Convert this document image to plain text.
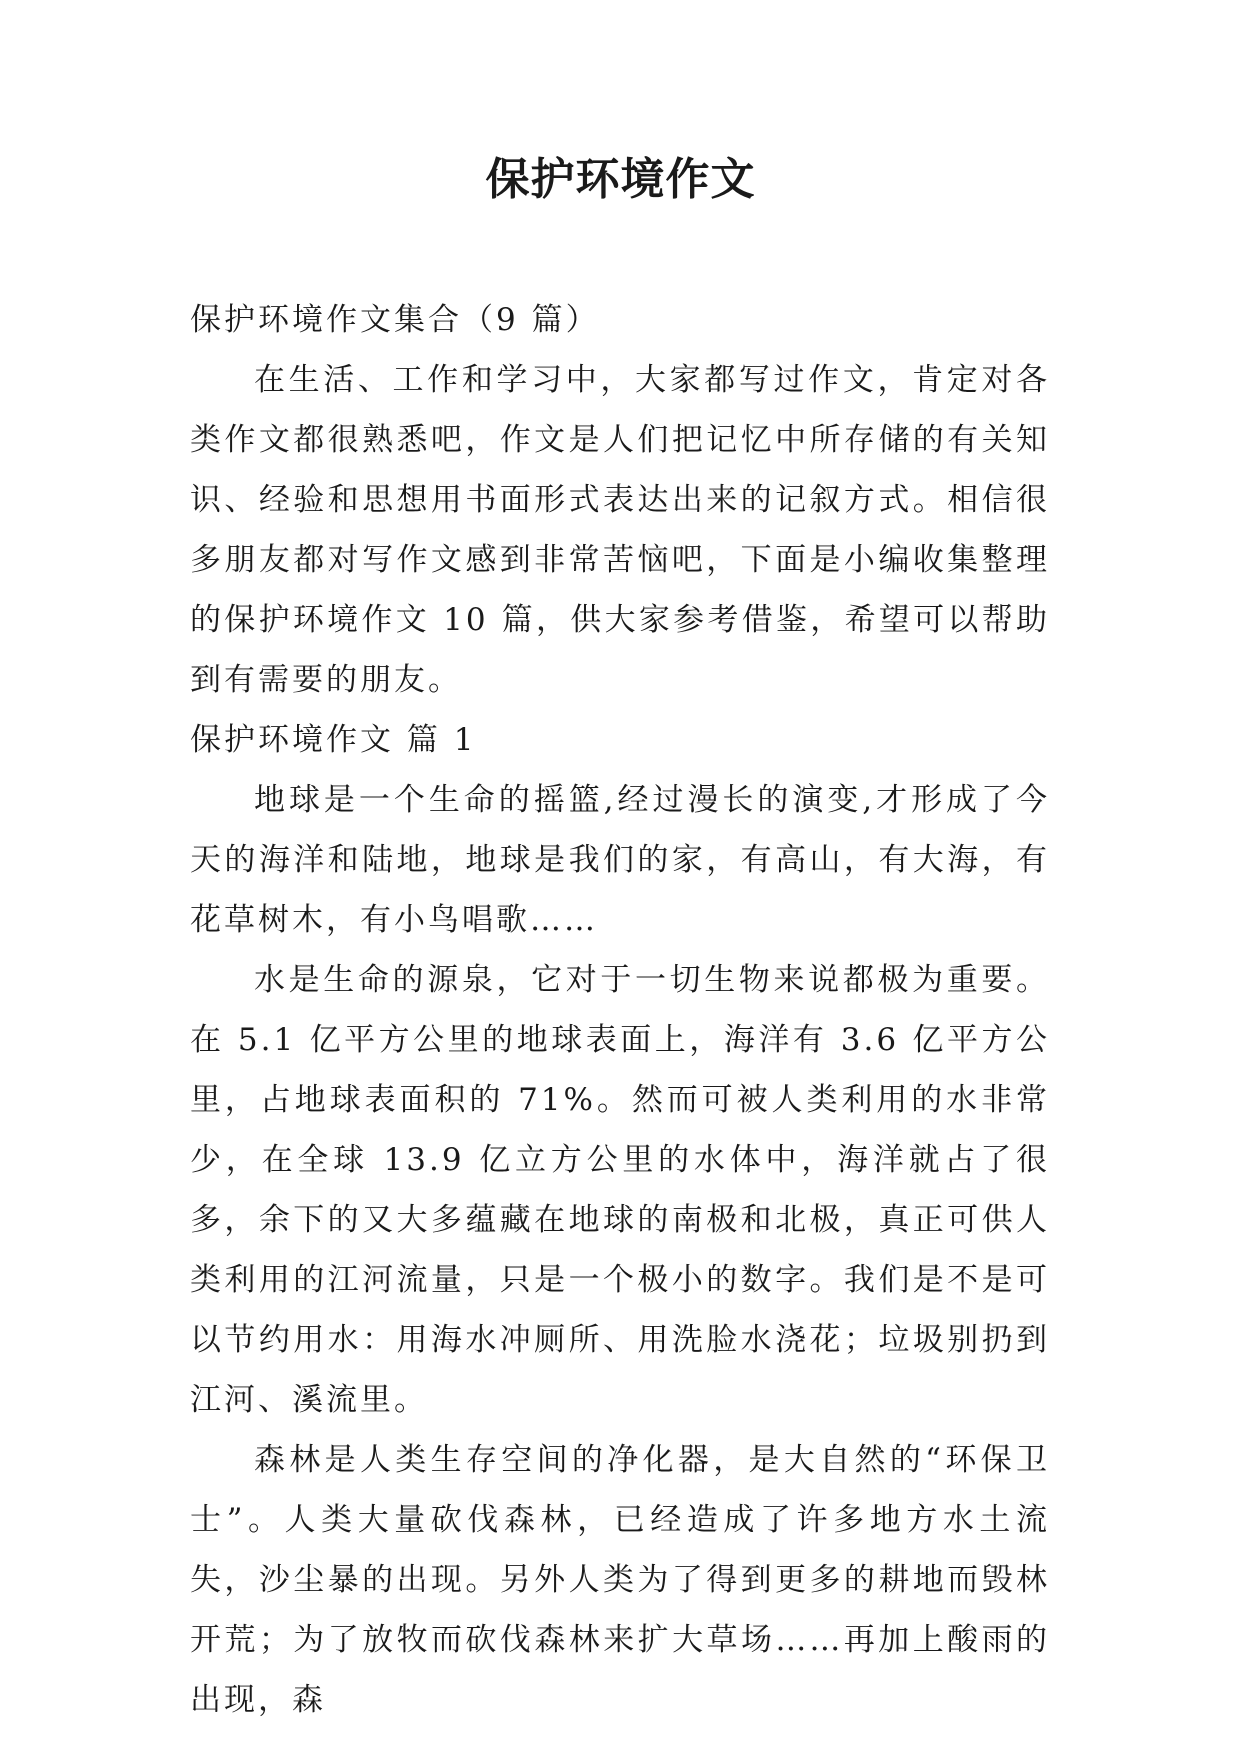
保护环境作文

保护环境作文集合（9 篇）

在生活、工作和学习中，大家都写过作文，肯定对各类作文都很熟悉吧，作文是人们把记忆中所存储的有关知识、经验和思想用书面形式表达出来的记叙方式。相信很多朋友都对写作文感到非常苦恼吧，下面是小编收集整理的保护环境作文 10 篇，供大家参考借鉴，希望可以帮助到有需要的朋友。

保护环境作文 篇 1

地球是一个生命的摇篮,经过漫长的演变,才形成了今天的海洋和陆地，地球是我们的家，有高山，有大海，有花草树木，有小鸟唱歌……

水是生命的源泉，它对于一切生物来说都极为重要。在 5.1 亿平方公里的地球表面上，海洋有 3.6 亿平方公里，占地球表面积的 71%。然而可被人类利用的水非常少，在全球 13.9 亿立方公里的水体中，海洋就占了很多，余下的又大多蕴藏在地球的南极和北极，真正可供人类利用的江河流量，只是一个极小的数字。我们是不是可以节约用水：用海水冲厕所、用洗脸水浇花；垃圾别扔到江河、溪流里。

森林是人类生存空间的净化器，是大自然的“环保卫士”。人类大量砍伐森林，已经造成了许多地方水土流失，沙尘暴的出现。另外人类为了得到更多的耕地而毁林开荒；为了放牧而砍伐森林来扩大草场……再加上酸雨的出现，森
